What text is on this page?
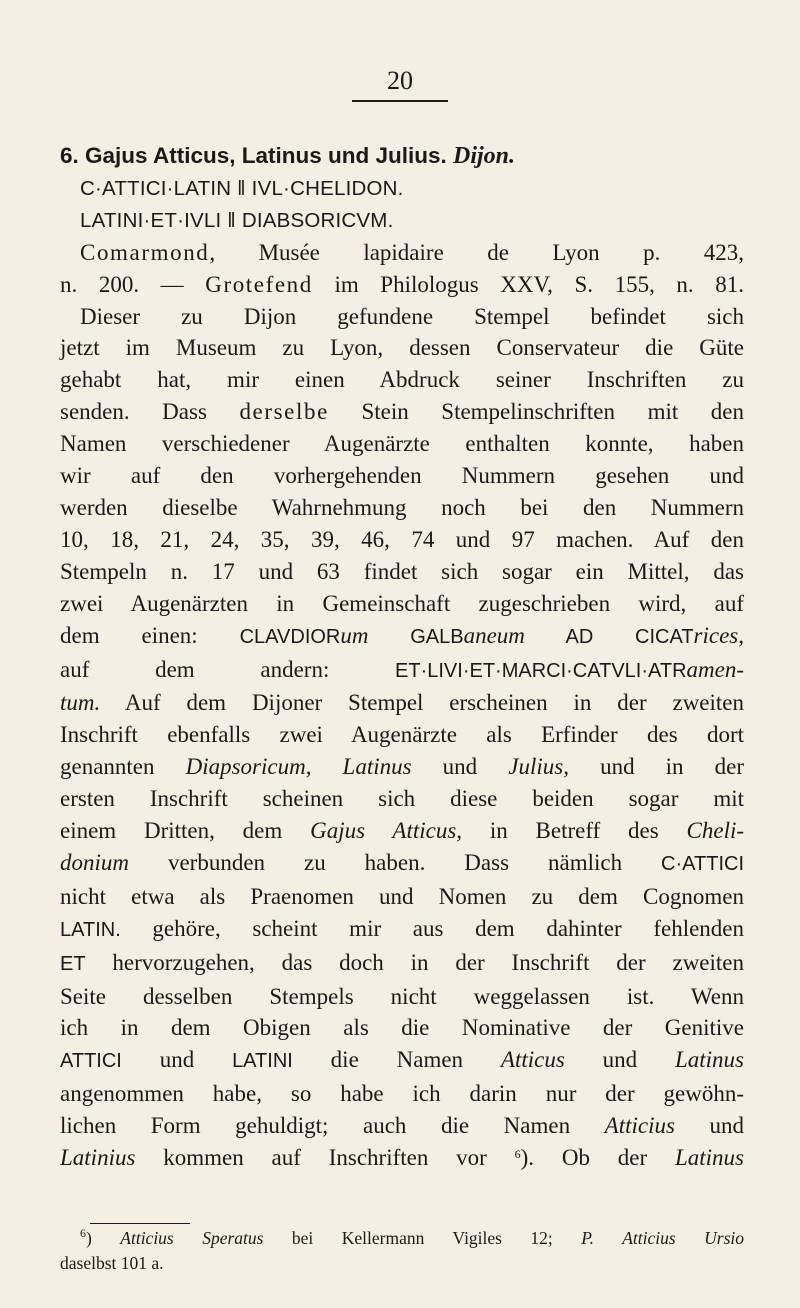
20
6. Gajus Atticus, Latinus und Julius. Dijon.
C·ATTICI·LATIN ‖ IVL·CHELIDON.
LATINI·ET·IVLI ‖ DIABSORICVM.
Comarmond, Musée lapidaire de Lyon p. 423,
n. 200. — Grotefend im Philologus XXV, S. 155, n. 81.
Dieser zu Dijon gefundene Stempel befindet sich
jetzt im Museum zu Lyon, dessen Conservateur die Güte
gehabt hat, mir einen Abdruck seiner Inschriften zu
senden. Dass derselbe Stein Stempelinschriften mit den
Namen verschiedener Augenärzte enthalten konnte, haben
wir auf den vorhergehenden Nummern gesehen und
werden dieselbe Wahrnehmung noch bei den Nummern
10, 18, 21, 24, 35, 39, 46, 74 und 97 machen. Auf den
Stempeln n. 17 und 63 findet sich sogar ein Mittel, das
zwei Augenärzten in Gemeinschaft zugeschrieben wird, auf
dem einen: CLAVDIORum GALBaneum AD CICATrices,
auf dem andern: ET·LIVI·ET·MARCI·CATVLI·ATRamen-
tum. Auf dem Dijoner Stempel erscheinen in der zweiten
Inschrift ebenfalls zwei Augenärzte als Erfinder des dort
genannten Diapsoricum, Latinus und Julius, und in der
ersten Inschrift scheinen sich diese beiden sogar mit
einem Dritten, dem Gajus Atticus, in Betreff des Cheli-
donium verbunden zu haben. Dass nämlich C·ATTICI
nicht etwa als Praenomen und Nomen zu dem Cognomen
LATIN. gehöre, scheint mir aus dem dahinter fehlenden
ET hervorzugehen, das doch in der Inschrift der zweiten
Seite desselben Stempels nicht weggelassen ist. Wenn
ich in dem Obigen als die Nominative der Genitive
ATTICI und LATINI die Namen Atticus und Latinus
angenommen habe, so habe ich darin nur der gewöhn-
lichen Form gehuldigt; auch die Namen Atticius und
Latinius kommen auf Inschriften vor $^6$). Ob der Latinus
$^6$) Atticius Speratus bei Kellermann Vigiles 12; P. Atticius Ursio
daselbst 101 a.
